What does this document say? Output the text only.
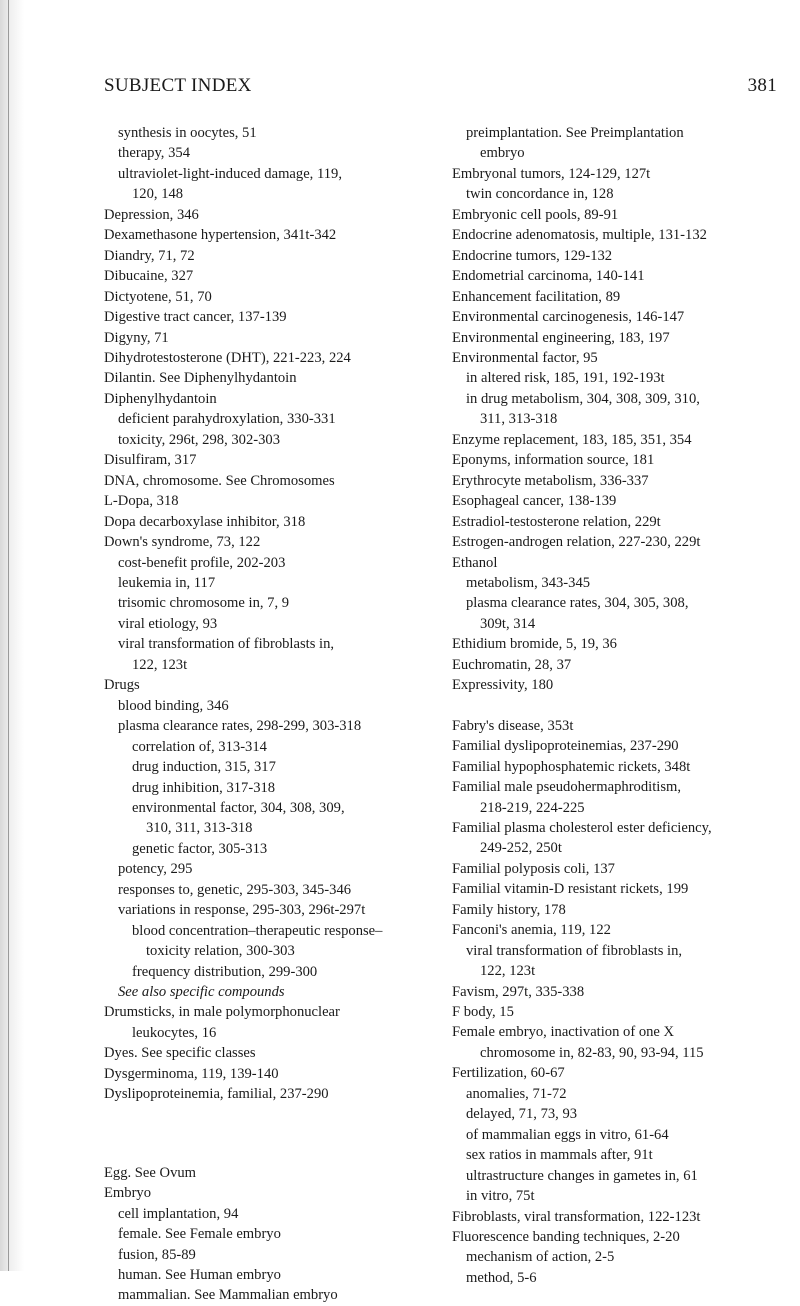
SUBJECT INDEX	381
synthesis in oocytes, 51
therapy, 354
ultraviolet-light-induced damage, 119,
120, 148
Depression, 346
Dexamethasone hypertension, 341t-342
Diandry, 71, 72
Dibucaine, 327
Dictyotene, 51, 70
Digestive tract cancer, 137-139
Digyny, 71
Dihydrotestosterone (DHT), 221-223, 224
Dilantin. See Diphenylhydantoin
Diphenylhydantoin
deficient parahydroxylation, 330-331
toxicity, 296t, 298, 302-303
Disulfiram, 317
DNA, chromosome. See Chromosomes
L-Dopa, 318
Dopa decarboxylase inhibitor, 318
Down's syndrome, 73, 122
cost-benefit profile, 202-203
leukemia in, 117
trisomic chromosome in, 7, 9
viral etiology, 93
viral transformation of fibroblasts in,
122, 123t
Drugs
blood binding, 346
plasma clearance rates, 298-299, 303-318
correlation of, 313-314
drug induction, 315, 317
drug inhibition, 317-318
environmental factor, 304, 308, 309,
310, 311, 313-318
genetic factor, 305-313
potency, 295
responses to, genetic, 295-303, 345-346
variations in response, 295-303, 296t-297t
blood concentration–therapeutic response–
toxicity relation, 300-303
frequency distribution, 299-300
See also specific compounds
Drumsticks, in male polymorphonuclear
leukocytes, 16
Dyes. See specific classes
Dysgerminoma, 119, 139-140
Dyslipoproteinemia, familial, 237-290
Egg. See Ovum
Embryo
cell implantation, 94
female. See Female embryo
fusion, 85-89
human. See Human embryo
mammalian. See Mammalian embryo
preimplantation. See Preimplantation
embryo
Embryonal tumors, 124-129, 127t
twin concordance in, 128
Embryonic cell pools, 89-91
Endocrine adenomatosis, multiple, 131-132
Endocrine tumors, 129-132
Endometrial carcinoma, 140-141
Enhancement facilitation, 89
Environmental carcinogenesis, 146-147
Environmental engineering, 183, 197
Environmental factor, 95
in altered risk, 185, 191, 192-193t
in drug metabolism, 304, 308, 309, 310,
311, 313-318
Enzyme replacement, 183, 185, 351, 354
Eponyms, information source, 181
Erythrocyte metabolism, 336-337
Esophageal cancer, 138-139
Estradiol-testosterone relation, 229t
Estrogen-androgen relation, 227-230, 229t
Ethanol
metabolism, 343-345
plasma clearance rates, 304, 305, 308,
309t, 314
Ethidium bromide, 5, 19, 36
Euchromatin, 28, 37
Expressivity, 180
Fabry's disease, 353t
Familial dyslipoproteinemias, 237-290
Familial hypophosphatemic rickets, 348t
Familial male pseudohermaphroditism,
218-219, 224-225
Familial plasma cholesterol ester deficiency,
249-252, 250t
Familial polyposis coli, 137
Familial vitamin-D resistant rickets, 199
Family history, 178
Fanconi's anemia, 119, 122
viral transformation of fibroblasts in,
122, 123t
Favism, 297t, 335-338
F body, 15
Female embryo, inactivation of one X
chromosome in, 82-83, 90, 93-94, 115
Fertilization, 60-67
anomalies, 71-72
delayed, 71, 73, 93
of mammalian eggs in vitro, 61-64
sex ratios in mammals after, 91t
ultrastructure changes in gametes in, 61
in vitro, 75t
Fibroblasts, viral transformation, 122-123t
Fluorescence banding techniques, 2-20
mechanism of action, 2-5
method, 5-6
